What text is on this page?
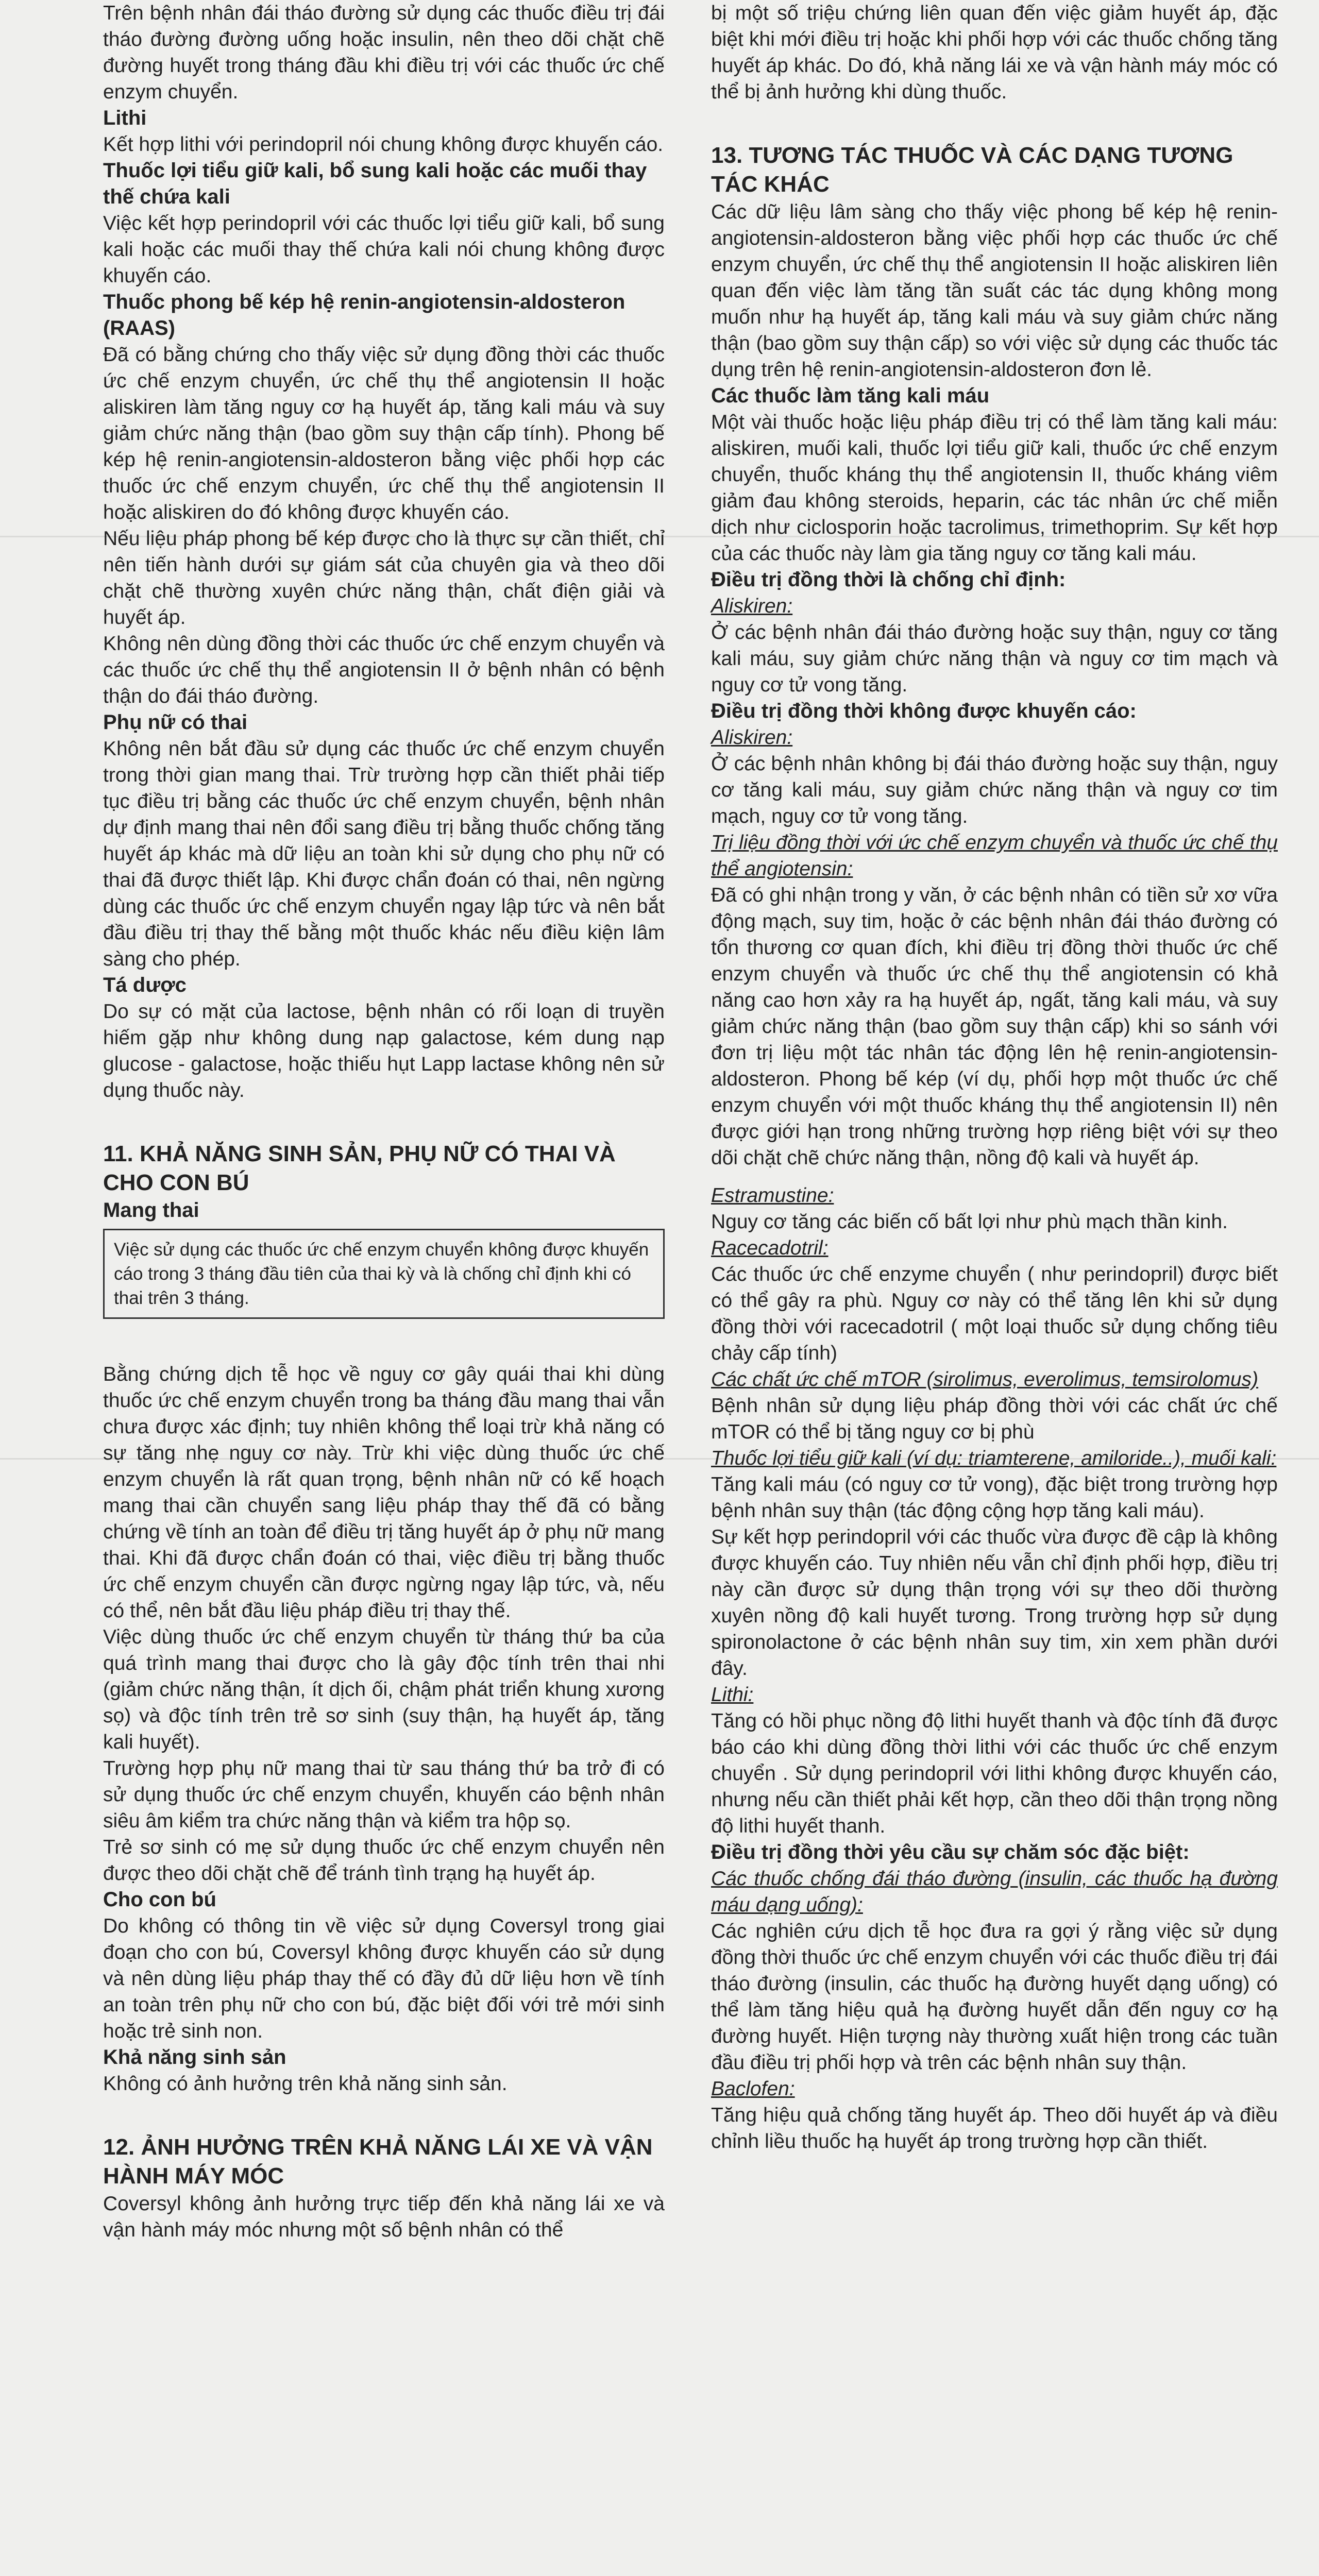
Trên bệnh nhân đái tháo đường sử dụng các thuốc điều trị đái tháo đường đường uống hoặc insulin, nên theo dõi chặt chẽ đường huyết trong tháng đầu khi điều trị với các thuốc ức chế enzym chuyển.

Lithi

Kết hợp lithi với perindopril nói chung không được khuyến cáo.

Thuốc lợi tiểu giữ kali, bổ sung kali hoặc các muối thay thế chứa kali

Việc kết hợp perindopril với các thuốc lợi tiểu giữ kali, bổ sung kali hoặc các muối thay thế chứa kali nói chung không được khuyến cáo.

Thuốc phong bế kép hệ renin-angiotensin-aldosteron (RAAS)

Đã có bằng chứng cho thấy việc sử dụng đồng thời các thuốc ức chế enzym chuyển, ức chế thụ thể angiotensin II hoặc aliskiren làm tăng nguy cơ hạ huyết áp, tăng kali máu và suy giảm chức năng thận (bao gồm suy thận cấp tính). Phong bế kép hệ renin-angiotensin-aldosteron bằng việc phối hợp các thuốc ức chế enzym chuyển, ức chế thụ thể angiotensin II hoặc aliskiren do đó không được khuyến cáo.

Nếu liệu pháp phong bế kép được cho là thực sự cần thiết, chỉ nên tiến hành dưới sự giám sát của chuyên gia và theo dõi chặt chẽ thường xuyên chức năng thận, chất điện giải và huyết áp.

Không nên dùng đồng thời các thuốc ức chế enzym chuyển và các thuốc ức chế thụ thể angiotensin II ở bệnh nhân có bệnh thận do đái tháo đường.

Phụ nữ có thai

Không nên bắt đầu sử dụng các thuốc ức chế enzym chuyển trong thời gian mang thai. Trừ trường hợp cần thiết phải tiếp tục điều trị bằng các thuốc ức chế enzym chuyển, bệnh nhân dự định mang thai nên đổi sang điều trị bằng thuốc chống tăng huyết áp khác mà dữ liệu an toàn khi sử dụng cho phụ nữ có thai đã được thiết lập. Khi được chẩn đoán có thai, nên ngừng dùng các thuốc ức chế enzym chuyển ngay lập tức và nên bắt đầu điều trị thay thế bằng một thuốc khác nếu điều kiện lâm sàng cho phép.

Tá dược

Do sự có mặt của lactose, bệnh nhân có rối loạn di truyền hiếm gặp như không dung nạp galactose, kém dung nạp glucose - galactose, hoặc thiếu hụt Lapp lactase không nên sử dụng thuốc này.

11. KHẢ NĂNG SINH SẢN, PHỤ NỮ CÓ THAI VÀ CHO CON BÚ
Mang thai
Việc sử dụng các thuốc ức chế enzym chuyển không được khuyến cáo trong 3 tháng đầu tiên của thai kỳ và là chống chỉ định khi có thai trên 3 tháng.

Bằng chứng dịch tễ học về nguy cơ gây quái thai khi dùng thuốc ức chế enzym chuyển trong ba tháng đầu mang thai vẫn chưa được xác định; tuy nhiên không thể loại trừ khả năng có sự tăng nhẹ nguy cơ này. Trừ khi việc dùng thuốc ức chế enzym chuyển là rất quan trọng, bệnh nhân nữ có kế hoạch mang thai cần chuyển sang liệu pháp thay thế đã có bằng chứng về tính an toàn để điều trị tăng huyết áp ở phụ nữ mang thai. Khi đã được chẩn đoán có thai, việc điều trị bằng thuốc ức chế enzym chuyển cần được ngừng ngay lập tức, và, nếu có thể, nên bắt đầu liệu pháp điều trị thay thế.

Việc dùng thuốc ức chế enzym chuyển từ tháng thứ ba của quá trình mang thai được cho là gây độc tính trên thai nhi (giảm chức năng thận, ít dịch ối, chậm phát triển khung xương sọ) và độc tính trên trẻ sơ sinh (suy thận, hạ huyết áp, tăng kali huyết).

Trường hợp phụ nữ mang thai từ sau tháng thứ ba trở đi có sử dụng thuốc ức chế enzym chuyển, khuyến cáo bệnh nhân siêu âm kiểm tra chức năng thận và kiểm tra hộp sọ.

Trẻ sơ sinh có mẹ sử dụng thuốc ức chế enzym chuyển nên được theo dõi chặt chẽ để tránh tình trạng hạ huyết áp.

Cho con bú

Do không có thông tin về việc sử dụng Coversyl trong giai đoạn cho con bú, Coversyl không được khuyến cáo sử dụng và nên dùng liệu pháp thay thế có đầy đủ dữ liệu hơn về tính an toàn trên phụ nữ cho con bú, đặc biệt đối với trẻ mới sinh hoặc trẻ sinh non.

Khả năng sinh sản

Không có ảnh hưởng trên khả năng sinh sản.

12. ẢNH HƯỞNG TRÊN KHẢ NĂNG LÁI XE VÀ VẬN HÀNH MÁY MÓC

Coversyl không ảnh hưởng trực tiếp đến khả năng lái xe và vận hành máy móc nhưng một số bệnh nhân có thể

bị một số triệu chứng liên quan đến việc giảm huyết áp, đặc biệt khi mới điều trị hoặc khi phối hợp với các thuốc chống tăng huyết áp khác. Do đó, khả năng lái xe và vận hành máy móc có thể bị ảnh hưởng khi dùng thuốc.

13. TƯƠNG TÁC THUỐC VÀ CÁC DẠNG TƯƠNG TÁC KHÁC

Các dữ liệu lâm sàng cho thấy việc phong bế kép hệ renin-angiotensin-aldosteron bằng việc phối hợp các thuốc ức chế enzym chuyển, ức chế thụ thể angiotensin II hoặc aliskiren liên quan đến việc làm tăng tần suất các tác dụng không mong muốn như hạ huyết áp, tăng kali máu và suy giảm chức năng thận (bao gồm suy thận cấp) so với việc sử dụng các thuốc tác dụng trên hệ renin-angiotensin-aldosteron đơn lẻ.

Các thuốc làm tăng kali máu

Một vài thuốc hoặc liệu pháp điều trị có thể làm tăng kali máu: aliskiren, muối kali, thuốc lợi tiểu giữ kali, thuốc ức chế enzym chuyển, thuốc kháng thụ thể angiotensin II, thuốc kháng viêm giảm đau không steroids, heparin, các tác nhân ức chế miễn dịch như ciclosporin hoặc tacrolimus, trimethoprim. Sự kết hợp của các thuốc này làm gia tăng nguy cơ tăng kali máu.

Điều trị đồng thời là chống chỉ định:

Aliskiren:

Ở các bệnh nhân đái tháo đường hoặc suy thận, nguy cơ tăng kali máu, suy giảm chức năng thận và nguy cơ tim mạch và nguy cơ tử vong tăng.

Điều trị đồng thời không được khuyến cáo:

Aliskiren:

Ở các bệnh nhân không bị đái tháo đường hoặc suy thận, nguy cơ tăng kali máu, suy giảm chức năng thận và nguy cơ tim mạch, nguy cơ tử vong tăng.

Trị liệu đồng thời với ức chế enzym chuyển và thuốc ức chế thụ thể angiotensin:

Đã có ghi nhận trong y văn, ở các bệnh nhân có tiền sử xơ vữa động mạch, suy tim, hoặc ở các bệnh nhân đái tháo đường có tổn thương cơ quan đích, khi điều trị đồng thời thuốc ức chế enzym chuyển và thuốc ức chế thụ thể angiotensin có khả năng cao hơn xảy ra hạ huyết áp, ngất, tăng kali máu, và suy giảm chức năng thận (bao gồm suy thận cấp) khi so sánh với đơn trị liệu một tác nhân tác động lên hệ renin-angiotensin-aldosteron. Phong bế kép (ví dụ, phối hợp một thuốc ức chế enzym chuyển với một thuốc kháng thụ thể angiotensin II) nên được giới hạn trong những trường hợp riêng biệt với sự theo dõi chặt chẽ chức năng thận, nồng độ kali và huyết áp.

Estramustine:

Nguy cơ tăng các biến cố bất lợi như phù mạch thần kinh.

Racecadotril:

Các thuốc ức chế enzyme chuyển ( như perindopril) được biết có thể gây ra phù. Nguy cơ này có thể tăng lên khi sử dụng đồng thời với racecadotril ( một loại thuốc sử dụng chống tiêu chảy cấp tính)

Các chất ức chế mTOR (sirolimus, everolimus, temsirolomus)

Bệnh nhân sử dụng liệu pháp đồng thời với các chất ức chế mTOR có thể bị tăng nguy cơ bị phù

Thuốc lợi tiểu giữ kali (ví dụ: triamterene, amiloride..), muối kali:

Tăng kali máu (có nguy cơ tử vong), đặc biệt trong trường hợp bệnh nhân suy thận (tác động cộng hợp tăng kali máu).

Sự kết hợp perindopril với các thuốc vừa được đề cập là không được khuyến cáo. Tuy nhiên nếu vẫn chỉ định phối hợp, điều trị này cần được sử dụng thận trọng với sự theo dõi thường xuyên nồng độ kali huyết tương. Trong trường hợp sử dụng spironolactone ở các bệnh nhân suy tim, xin xem phần dưới đây.

Lithi:

Tăng có hồi phục nồng độ lithi huyết thanh và độc tính đã được báo cáo khi dùng đồng thời lithi với các thuốc ức chế enzym chuyển . Sử dụng perindopril với lithi không được khuyến cáo, nhưng nếu cần thiết phải kết hợp, cần theo dõi thận trọng nồng độ lithi huyết thanh.

Điều trị đồng thời yêu cầu sự chăm sóc đặc biệt:

Các thuốc chống đái tháo đường (insulin, các thuốc hạ đường máu dạng uống):

Các nghiên cứu dịch tễ học đưa ra gợi ý rằng việc sử dụng đồng thời thuốc ức chế enzym chuyển với các thuốc điều trị đái tháo đường (insulin, các thuốc hạ đường huyết dạng uống) có thể làm tăng hiệu quả hạ đường huyết dẫn đến nguy cơ hạ đường huyết. Hiện tượng này thường xuất hiện trong các tuần đầu điều trị phối hợp và trên các bệnh nhân suy thận.

Baclofen:

Tăng hiệu quả chống tăng huyết áp. Theo dõi huyết áp và điều chỉnh liều thuốc hạ huyết áp trong trường hợp cần thiết.
